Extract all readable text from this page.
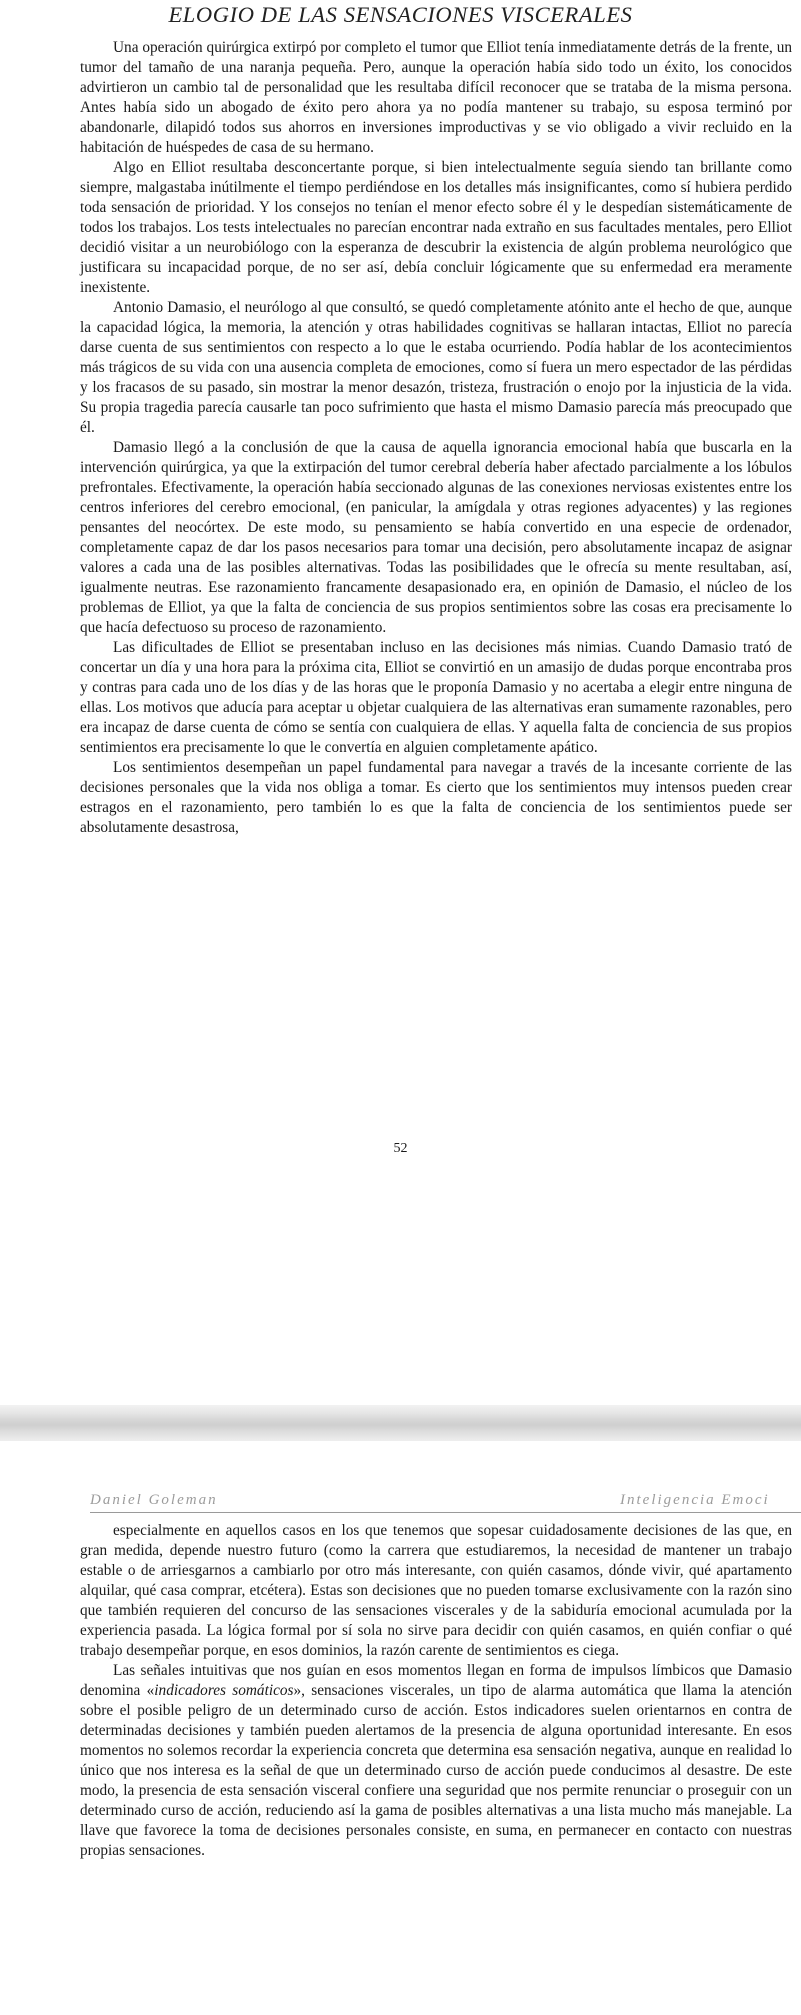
ELOGIO DE LAS SENSACIONES VISCERALES

Una operación quirúrgica extirpó por completo el tumor que Elliot tenía inmediatamente detrás de la frente, un tumor del tamaño de una naranja pequeña. Pero, aunque la operación había sido todo un éxito, los conocidos advirtieron un cambio tal de personalidad que les resultaba difícil reconocer que se trataba de la misma persona. Antes había sido un abogado de éxito pero ahora ya no podía mantener su trabajo, su esposa terminó por abandonarle, dilapidó todos sus ahorros en inversiones improductivas y se vio obligado a vivir recluido en la habitación de huéspedes de casa de su hermano.

Algo en Elliot resultaba desconcertante porque, si bien intelectualmente seguía siendo tan brillante como siempre, malgastaba inútilmente el tiempo perdiéndose en los detalles más insignificantes, como sí hubiera perdido toda sensación de prioridad. Y los consejos no tenían el menor efecto sobre él y le despedían sistemáticamente de todos los trabajos. Los tests intelectuales no parecían encontrar nada extraño en sus facultades mentales, pero Elliot decidió visitar a un neurobiólogo con la esperanza de descubrir la existencia de algún problema neurológico que justificara su incapacidad porque, de no ser así, debía concluir lógicamente que su enfermedad era meramente inexistente.

Antonio Damasio, el neurólogo al que consultó, se quedó completamente atónito ante el hecho de que, aunque la capacidad lógica, la memoria, la atención y otras habilidades cognitivas se hallaran intactas, Elliot no parecía darse cuenta de sus sentimientos con respecto a lo que le estaba ocurriendo. Podía hablar de los acontecimientos más trágicos de su vida con una ausencia completa de emociones, como sí fuera un mero espectador de las pérdidas y los fracasos de su pasado, sin mostrar la menor desazón, tristeza, frustración o enojo por la injusticia de la vida. Su propia tragedia parecía causarle tan poco sufrimiento que hasta el mismo Damasio parecía más preocupado que él.

Damasio llegó a la conclusión de que la causa de aquella ignorancia emocional había que buscarla en la intervención quirúrgica, ya que la extirpación del tumor cerebral debería haber afectado parcialmente a los lóbulos prefrontales. Efectivamente, la operación había seccionado algunas de las conexiones nerviosas existentes entre los centros inferiores del cerebro emocional, (en panicular, la amígdala y otras regiones adyacentes) y las regiones pensantes del neocórtex. De este modo, su pensamiento se había convertido en una especie de ordenador, completamente capaz de dar los pasos necesarios para tomar una decisión, pero absolutamente incapaz de asignar valores a cada una de las posibles alternativas. Todas las posibilidades que le ofrecía su mente resultaban, así, igualmente neutras. Ese razonamiento francamente desapasionado era, en opinión de Damasio, el núcleo de los problemas de Elliot, ya que la falta de conciencia de sus propios sentimientos sobre las cosas era precisamente lo que hacía defectuoso su proceso de razonamiento.

Las dificultades de Elliot se presentaban incluso en las decisiones más nimias. Cuando Damasio trató de concertar un día y una hora para la próxima cita, Elliot se convirtió en un amasijo de dudas porque encontraba pros y contras para cada uno de los días y de las horas que le proponía Damasio y no acertaba a elegir entre ninguna de ellas. Los motivos que aducía para aceptar u objetar cualquiera de las alternativas eran sumamente razonables, pero era incapaz de darse cuenta de cómo se sentía con cualquiera de ellas. Y aquella falta de conciencia de sus propios sentimientos era precisamente lo que le convertía en alguien completamente apático.

Los sentimientos desempeñan un papel fundamental para navegar a través de la incesante corriente de las decisiones personales que la vida nos obliga a tomar. Es cierto que los sentimientos muy intensos pueden crear estragos en el razonamiento, pero también lo es que la falta de conciencia de los sentimientos puede ser absolutamente desastrosa,

52
Daniel Goleman	Inteligencia Emoci

especialmente en aquellos casos en los que tenemos que sopesar cuidadosamente decisiones de las que, en gran medida, depende nuestro futuro (como la carrera que estudiaremos, la necesidad de mantener un trabajo estable o de arriesgarnos a cambiarlo por otro más interesante, con quién casamos, dónde vivir, qué apartamento alquilar, qué casa comprar, etcétera). Estas son decisiones que no pueden tomarse exclusivamente con la razón sino que también requieren del concurso de las sensaciones viscerales y de la sabiduría emocional acumulada por la experiencia pasada. La lógica formal por sí sola no sirve para decidir con quién casamos, en quién confiar o qué trabajo desempeñar porque, en esos dominios, la razón carente de sentimientos es ciega.

Las señales intuitivas que nos guían en esos momentos llegan en forma de impulsos límbicos que Damasio denomina «indicadores somáticos», sensaciones viscerales, un tipo de alarma automática que llama la atención sobre el posible peligro de un determinado curso de acción. Estos indicadores suelen orientarnos en contra de determinadas decisiones y también pueden alertamos de la presencia de alguna oportunidad interesante. En esos momentos no solemos recordar la experiencia concreta que determina esa sensación negativa, aunque en realidad lo único que nos interesa es la señal de que un determinado curso de acción puede conducimos al desastre. De este modo, la presencia de esta sensación visceral confiere una seguridad que nos permite renunciar o proseguir con un determinado curso de acción, reduciendo así la gama de posibles alternativas a una lista mucho más manejable. La llave que favorece la toma de decisiones personales consiste, en suma, en permanecer en contacto con nuestras propias sensaciones.
